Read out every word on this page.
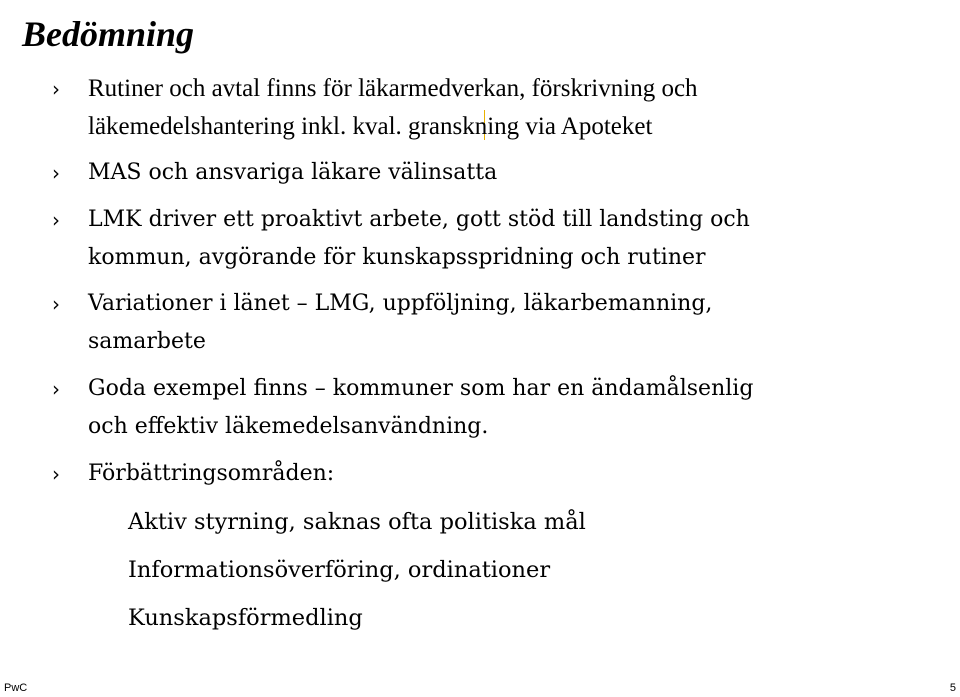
Bedömning
› Rutiner och avtal finns för läkarmedverkan, förskrivning och
läkemedelshantering inkl. kval. granskning via Apoteket
› MAS och ansvariga läkare välinsatta
› LMK driver ett proaktivt arbete, gott stöd till landsting och
kommun, avgörande för kunskapsspridning och rutiner
› Variationer i länet – LMG, uppföljning, läkarbemanning,
samarbete
› Goda exempel finns – kommuner som har en ändamålsenlig
och effektiv läkemedelsanvändning.
› Förbättringsområden:
Aktiv styrning, saknas ofta politiska mål
Informationsöverföring, ordinationer
Kunskapsförmedling
PwC	5
